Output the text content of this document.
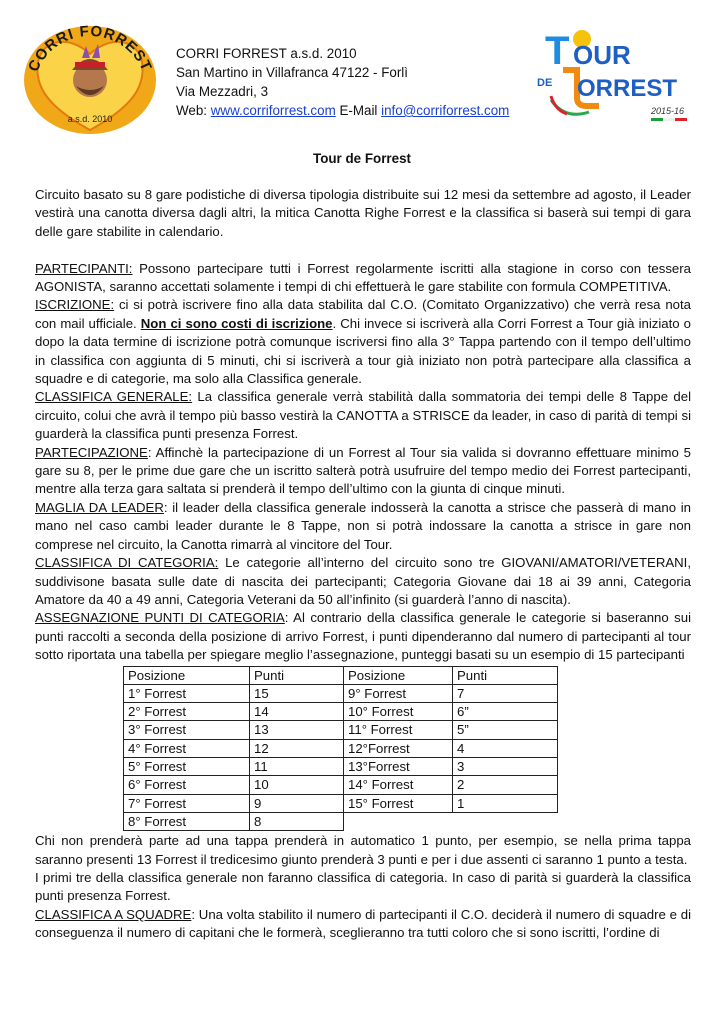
CORRI FORREST
a.s.d. 2010
CORRI FORREST a.s.d. 2010
San Martino in Villafranca 47122 - Forlì
Via Mezzadri, 3
Web: www.corriforrest.com E-Mail info@corriforrest.com
T OUR
DE ORREST
2015-16
Tour de Forrest

Circuito basato su 8 gare podistiche di diversa tipologia distribuite sui 12 mesi da settembre ad agosto, il Leader vestirà una canotta diversa dagli altri, la mitica Canotta Righe Forrest e la classifica si baserà sui tempi di gara delle gare stabilite in calendario.

PARTECIPANTI: Possono partecipare tutti i Forrest regolarmente iscritti alla stagione in corso con tessera AGONISTA, saranno accettati solamente i tempi di chi effettuerà le gare stabilite con formula COMPETITIVA.

ISCRIZIONE: ci si potrà iscrivere fino alla data stabilita dal C.O. (Comitato Organizzativo) che verrà resa nota con mail ufficiale. Non ci sono costi di iscrizione. Chi invece si iscriverà alla Corri Forrest a Tour già iniziato o dopo la data termine di iscrizione potrà comunque iscriversi fino alla 3° Tappa partendo con il tempo dell’ultimo in classifica con aggiunta di 5 minuti, chi si iscriverà a tour già iniziato non potrà partecipare alla classifica a squadre e di categorie, ma solo alla Classifica generale.

CLASSIFICA GENERALE: La classifica generale verrà stabilità dalla sommatoria dei tempi delle 8 Tappe del circuito, colui che avrà il tempo più basso vestirà la CANOTTA a STRISCE da leader, in caso di parità di tempi si guarderà la classifica punti presenza Forrest.

PARTECIPAZIONE: Affinchè la partecipazione di un Forrest al Tour sia valida si dovranno effettuare minimo 5 gare su 8, per le prime due gare che un iscritto salterà potrà usufruire del tempo medio dei Forrest partecipanti, mentre alla terza gara saltata si prenderà il tempo dell’ultimo con la giunta di cinque minuti.

MAGLIA DA LEADER: il leader della classifica generale indosserà la canotta a strisce che passerà di mano in mano nel caso cambi leader durante le 8 Tappe, non si potrà indossare la canotta a strisce in gare non comprese nel circuito, la Canotta rimarrà al vincitore del Tour.

CLASSIFICA DI CATEGORIA: Le categorie all’interno del circuito sono tre GIOVANI/AMATORI/VETERANI, suddivisone basata sulle date di nascita dei partecipanti; Categoria Giovane dai 18 ai 39 anni, Categoria Amatore da 40 a 49 anni, Categoria Veterani da 50 all’infinito (si guarderà l’anno di nascita).

ASSEGNAZIONE PUNTI DI CATEGORIA: Al contrario della classifica generale le categorie si baseranno sui punti raccolti a seconda della posizione di arrivo Forrest, i punti dipenderanno dal numero di partecipanti al tour sotto riportata una tabella per spiegare meglio l’assegnazione, punteggi basati su un esempio di 15 partecipanti

Posizione	Punti	Posizione	Punti
1° Forrest	15	9° Forrest	7
2° Forrest	14	10° Forrest	6”
3° Forrest	13	11° Forrest	5”
4° Forrest	12	12°Forrest	4
5° Forrest	11	13°Forrest	3
6° Forrest	10	14° Forrest	2
7° Forrest	9	15° Forrest	1
8° Forrest	8		

Chi non prenderà parte ad una tappa prenderà in automatico 1 punto, per esempio, se nella prima tappa saranno presenti 13 Forrest il tredicesimo giunto prenderà 3 punti e per i due assenti ci saranno 1 punto a testa.

I primi tre della classifica generale non faranno classifica di categoria. In caso di parità si guarderà la classifica punti presenza Forrest.

CLASSIFICA A SQUADRE: Una volta stabilito il numero di partecipanti il C.O. deciderà il numero di squadre e di conseguenza il numero di capitani che le formerà, sceglieranno tra tutti coloro che si sono iscritti, l’ordine di
